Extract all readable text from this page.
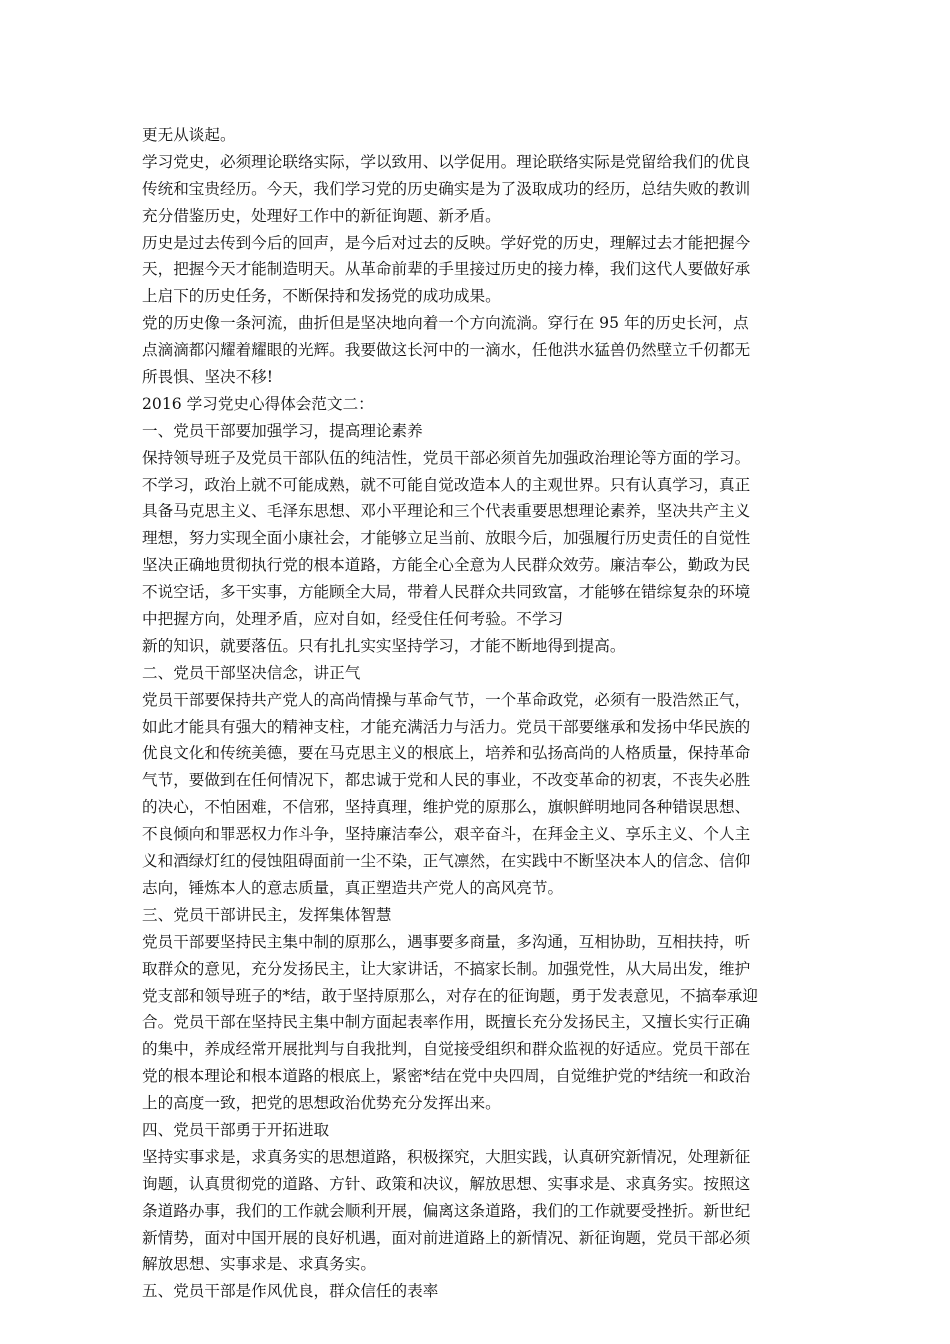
更无从谈起。
学习党史，必须理论联络实际，学以致用、以学促用。理论联络实际是党留给我们的优良
传统和宝贵经历。今天，我们学习党的历史确实是为了汲取成功的经历，总结失败的教训
充分借鉴历史，处理好工作中的新征询题、新矛盾。
历史是过去传到今后的回声，是今后对过去的反映。学好党的历史，理解过去才能把握今
天，把握今天才能制造明天。从革命前辈的手里接过历史的接力棒，我们这代人要做好承
上启下的历史任务，不断保持和发扬党的成功成果。
党的历史像一条河流，曲折但是坚决地向着一个方向流淌。穿行在 95 年的历史长河，点
点滴滴都闪耀着耀眼的光辉。我要做这长河中的一滴水，任他洪水猛兽仍然壁立千仞都无
所畏惧、坚决不移!
2016 学习党史心得体会范文二：
一、党员干部要加强学习，提高理论素养
保持领导班子及党员干部队伍的纯洁性，党员干部必须首先加强政治理论等方面的学习。
不学习，政治上就不可能成熟，就不可能自觉改造本人的主观世界。只有认真学习，真正
具备马克思主义、毛泽东思想、邓小平理论和三个代表重要思想理论素养，坚决共产主义
理想，努力实现全面小康社会，才能够立足当前、放眼今后，加强履行历史责任的自觉性
坚决正确地贯彻执行党的根本道路，方能全心全意为人民群众效劳。廉洁奉公，勤政为民
不说空话，多干实事，方能顾全大局，带着人民群众共同致富，才能够在错综复杂的环境
中把握方向，处理矛盾，应对自如，经受住任何考验。不学习
新的知识，就要落伍。只有扎扎实实坚持学习，才能不断地得到提高。
二、党员干部坚决信念，讲正气
党员干部要保持共产党人的高尚情操与革命气节，一个革命政党，必须有一股浩然正气，
如此才能具有强大的精神支柱，才能充满活力与活力。党员干部要继承和发扬中华民族的
优良文化和传统美德，要在马克思主义的根底上，培养和弘扬高尚的人格质量，保持革命
气节，要做到在任何情况下，都忠诚于党和人民的事业，不改变革命的初衷，不丧失必胜
的决心，不怕困难，不信邪，坚持真理，维护党的原那么，旗帜鲜明地同各种错误思想、
不良倾向和罪恶权力作斗争，坚持廉洁奉公，艰辛奋斗，在拜金主义、享乐主义、个人主
义和酒绿灯红的侵蚀阻碍面前一尘不染，正气凛然，在实践中不断坚决本人的信念、信仰
志向，锤炼本人的意志质量，真正塑造共产党人的高风亮节。
三、党员干部讲民主，发挥集体智慧
党员干部要坚持民主集中制的原那么，遇事要多商量，多沟通，互相协助，互相扶持，听
取群众的意见，充分发扬民主，让大家讲话，不搞家长制。加强党性，从大局出发，维护
党支部和领导班子的*结，敢于坚持原那么，对存在的征询题，勇于发表意见，不搞奉承迎
合。党员干部在坚持民主集中制方面起表率作用，既擅长充分发扬民主，又擅长实行正确
的集中，养成经常开展批判与自我批判，自觉接受组织和群众监视的好适应。党员干部在
党的根本理论和根本道路的根底上，紧密*结在党中央四周，自觉维护党的*结统一和政治
上的高度一致，把党的思想政治优势充分发挥出来。
四、党员干部勇于开拓进取
坚持实事求是，求真务实的思想道路，积极探究，大胆实践，认真研究新情况，处理新征
询题，认真贯彻党的道路、方针、政策和决议，解放思想、实事求是、求真务实。按照这
条道路办事，我们的工作就会顺利开展，偏离这条道路，我们的工作就要受挫折。新世纪
新情势，面对中国开展的良好机遇，面对前进道路上的新情况、新征询题，党员干部必须
解放思想、实事求是、求真务实。
五、党员干部是作风优良，群众信任的表率
